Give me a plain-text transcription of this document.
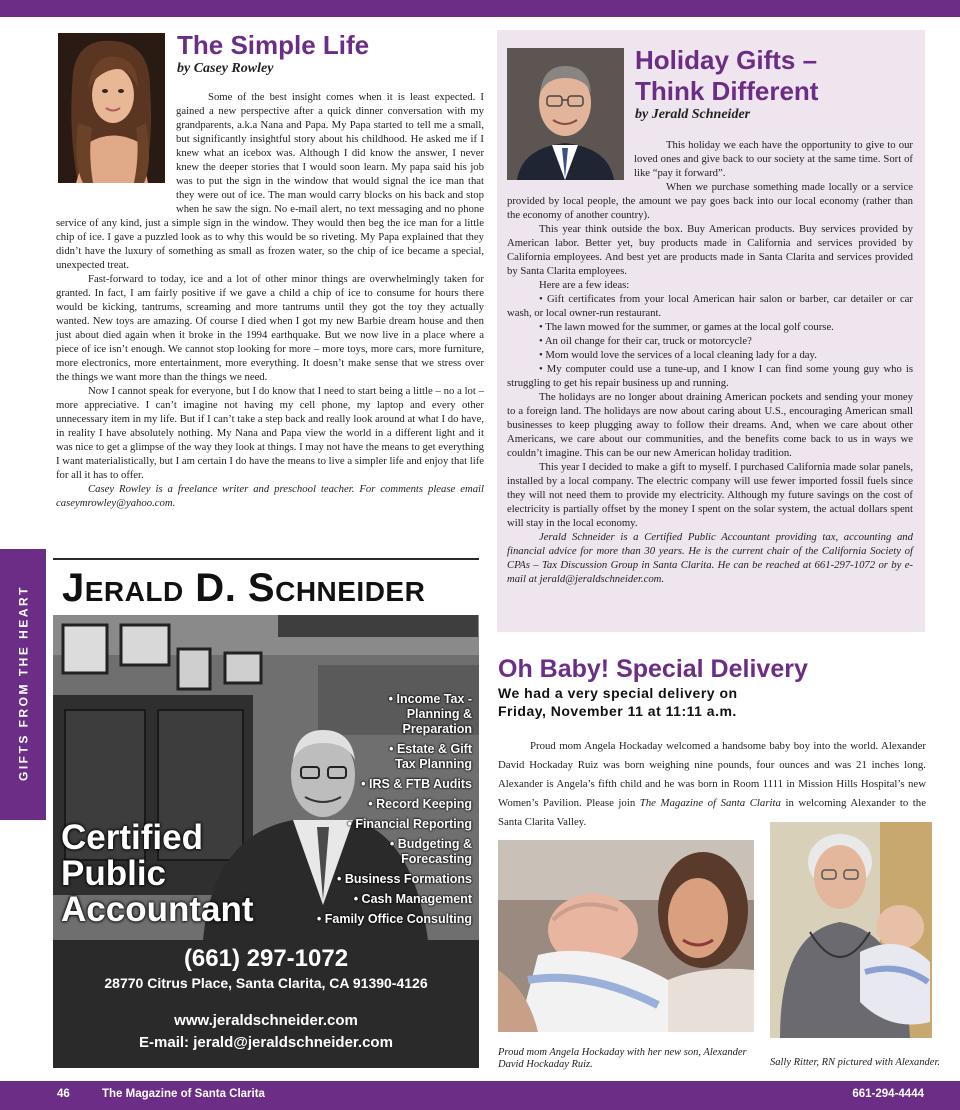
GIFTS FROM THE HEART
The Simple Life
by Casey Rowley

Some of the best insight comes when it is least expected. I gained a new perspective after a quick dinner conversation with my grandparents, a.k.a Nana and Papa. My Papa started to tell me a small, but significantly insightful story about his childhood. He asked me if I knew what an icebox was. Although I did know the answer, I never knew the deeper stories that I would soon learn. My papa said his job was to put the sign in the window that would signal the ice man that they were out of ice. The man would carry blocks on his back and stop when he saw the sign. No e-mail alert, no text messaging and no phone service of any kind, just a simple sign in the window. They would then beg the ice man for a little chip of ice. I gave a puzzled look as to why this would be so riveting. My Papa explained that they didn’t have the luxury of something as small as frozen water, so the chip of ice became a special, unexpected treat.

Fast-forward to today, ice and a lot of other minor things are overwhelmingly taken for granted. In fact, I am fairly positive if we gave a child a chip of ice to consume for hours there would be kicking, tantrums, screaming and more tantrums until they got the toy they actually wanted. New toys are amazing. Of course I died when I got my new Barbie dream house and then just about died again when it broke in the 1994 earthquake. But we now live in a place where a piece of ice isn’t enough. We cannot stop looking for more – more toys, more cars, more furniture, more electronics, more entertainment, more everything. It doesn’t make sense that we stress over the things we want more than the things we need.

Now I cannot speak for everyone, but I do know that I need to start being a little – no a lot – more appreciative. I can’t imagine not having my cell phone, my laptop and every other unnecessary item in my life. But if I can’t take a step back and really look around at what I do have, in reality I have absolutely nothing. My Nana and Papa view the world in a different light and it was nice to get a glimpse of the way they look at things. I may not have the means to get everything I want materialistically, but I am certain I do have the means to live a simpler life and enjoy that life for all it has to offer.

Casey Rowley is a freelance writer and preschool teacher. For comments please email caseymrowley@yahoo.com.

Holiday Gifts –
Think Different
by Jerald Schneider

This holiday we each have the opportunity to give to our loved ones and give back to our society at the same time. Sort of like “pay it forward”.

When we purchase something made locally or a service provided by local people, the amount we pay goes back into our local economy (rather than the economy of another country).

This year think outside the box. Buy American products. Buy services provided by American labor. Better yet, buy products made in California and services provided by California employees. And best yet are products made in Santa Clarita and services provided by Santa Clarita employees.

Here are a few ideas:

• Gift certificates from your local American hair salon or barber, car detailer or car wash, or local owner-run restaurant.

• The lawn mowed for the summer, or games at the local golf course.

• An oil change for their car, truck or motorcycle?

• Mom would love the services of a local cleaning lady for a day.

• My computer could use a tune-up, and I know I can find some young guy who is struggling to get his repair business up and running.

The holidays are no longer about draining American pockets and sending your money to a foreign land. The holidays are now about caring about U.S., encouraging American small businesses to keep plugging away to follow their dreams. And, when we care about other Americans, we care about our communities, and the benefits come back to us in ways we couldn’t imagine. This can be our new American holiday tradition.

This year I decided to make a gift to myself. I purchased California made solar panels, installed by a local company. The electric company will use fewer imported fossil fuels since they will not need them to provide my electricity. Although my future savings on the cost of electricity is partially offset by the money I spent on the solar system, the actual dollars spent will stay in the local economy.

Jerald Schneider is a Certified Public Accountant providing tax, accounting and financial advice for more than 30 years. He is the current chair of the California Society of CPAs – Tax Discussion Group in Santa Clarita. He can be reached at 661-297-1072 or by e-mail at jerald@jeraldschneider.com.

Jerald D. Schneider
• Income Tax -
Planning &
Preparation
• Estate & Gift
Tax Planning
• IRS & FTB Audits
• Record Keeping
• Financial Reporting
• Budgeting &
Forecasting
• Business Formations
• Cash Management
• Family Office Consulting
Certified
Public
Accountant
(661) 297-1072
28770 Citrus Place, Santa Clarita, CA 91390-4126
www.jeraldschneider.com
E-mail: jerald@jeraldschneider.com
Oh Baby! Special Delivery
We had a very special delivery on
Friday, November 11 at 11:11 a.m.

Proud mom Angela Hockaday welcomed a handsome baby boy into the world. Alexander David Hockaday Ruiz was born weighing nine pounds, four ounces and was 21 inches long. Alexander is Angela’s fifth child and he was born in Room 1111 in Mission Hills Hospital’s new Women’s Pavilion. Please join The Magazine of Santa Clarita in welcoming Alexander to the Santa Clarita Valley.

Proud mom Angela Hockaday with her new son, Alexander David Hockaday Ruiz.	Sally Ritter, RN pictured with Alexander.
46	The Magazine of Santa Clarita	661-294-4444
